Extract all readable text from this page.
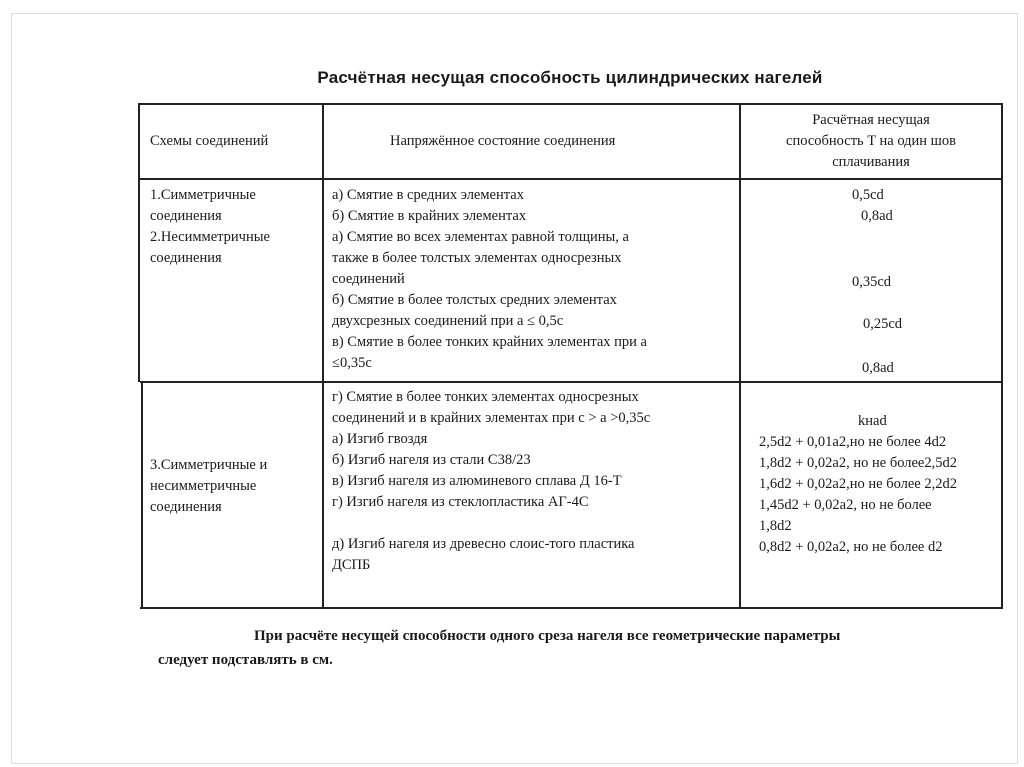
Расчётная несущая способность цилиндрических нагелей
Схемы соединений	Напряжённое состояние соединения
Расчётная несущая
способность T на один шов
сплачивания
1.Симметричные
соединения
2.Несимметричные
соединения
а) Смятие в средних элементах
б) Смятие в крайних элементах
а) Смятие во всех элементах равной толщины, а
также в более толстых элементах односрезных
соединений
б) Смятие в более толстых средних элементах
двухсрезных соединений при a ≤ 0,5c
в) Смятие в более тонких крайних элементах при a
≤0,35c
0,5cd
0,8ad
0,35cd
0,25cd
0,8ad
3.Симметричные и
несимметричные
соединения
г) Смятие в более тонких элементах односрезных
соединений и в крайних элементах при c > a >0,35c
а) Изгиб гвоздя
б) Изгиб нагеля из стали С38/23
в) Изгиб нагеля из алюминевого сплава Д 16-Т
г) Изгиб нагеля из стеклопластика АГ-4С

д) Изгиб нагеля из древесно слоис-того пластика
ДСПБ
kнad
2,5d2 + 0,01a2,но не более 4d2
1,8d2 + 0,02a2, но не более2,5d2
1,6d2 + 0,02a2,но не более 2,2d2
1,45d2 + 0,02a2, но не более
1,8d2
0,8d2 + 0,02a2, но не более d2
При расчёте несущей способности одного среза нагеля все геометрические параметры
следует подставлять в см.
